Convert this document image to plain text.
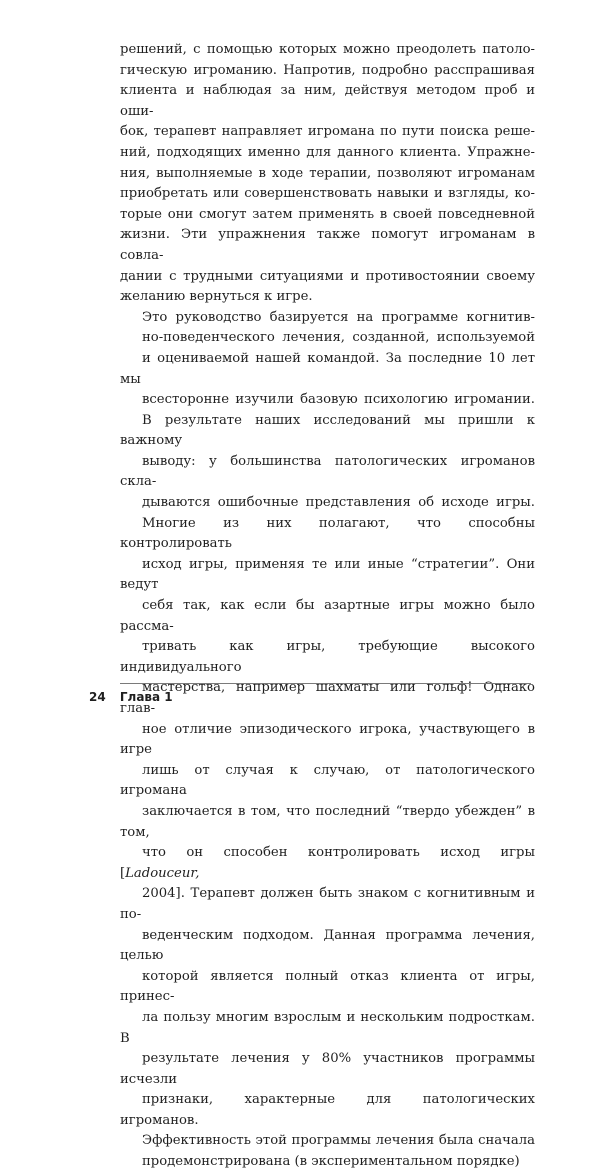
решений, с помощью которых можно преодолеть патоло-
гическую игроманию. Напротив, подробно расспрашивая
клиента и наблюдая за ним, действуя методом проб и оши-
бок, терапевт направляет игромана по пути поиска реше-
ний, подходящих именно для данного клиента. Упражне-
ния, выполняемые в ходе терапии, позволяют игроманам
приобретать или совершенствовать навыки и взгляды, ко-
торые они смогут затем применять в своей повседневной
жизни. Эти упражнения также помогут игроманам в совла-
дании с трудными ситуациями и противостоянии своему
желанию вернуться к игре.

Это руководство базируется на программе когнитив-
но-поведенческого лечения, созданной, используемой
и оцениваемой нашей командой. За последние 10 лет мы
всесторонне изучили базовую психологию игромании.
В результате наших исследований мы пришли к важному
выводу: у большинства патологических игроманов скла-
дываются ошибочные представления об исходе игры.
Многие из них полагают, что способны контролировать
исход игры, применяя те или иные “стратегии”. Они ведут
себя так, как если бы азартные игры можно было рассма-
тривать как игры, требующие высокого индивидуального
мастерства, например шахматы или гольф! Однако глав-
ное отличие эпизодического игрока, участвующего в игре
лишь от случая к случаю, от патологического игромана
заключается в том, что последний “твердо убежден” в том,
что он способен контролировать исход игры [Ladouceur,
2004]. Терапевт должен быть знаком с когнитивным и по-
веденческим подходом. Данная программа лечения, целью
которой является полный отказ клиента от игры, принес-
ла пользу многим взрослым и нескольким подросткам. В
результате лечения у 80% участников программы исчезли
признаки, характерные для патологических игроманов.
Эффективность этой программы лечения была сначала
продемонстрирована (в экспериментальном порядке)

24 Глава 1
